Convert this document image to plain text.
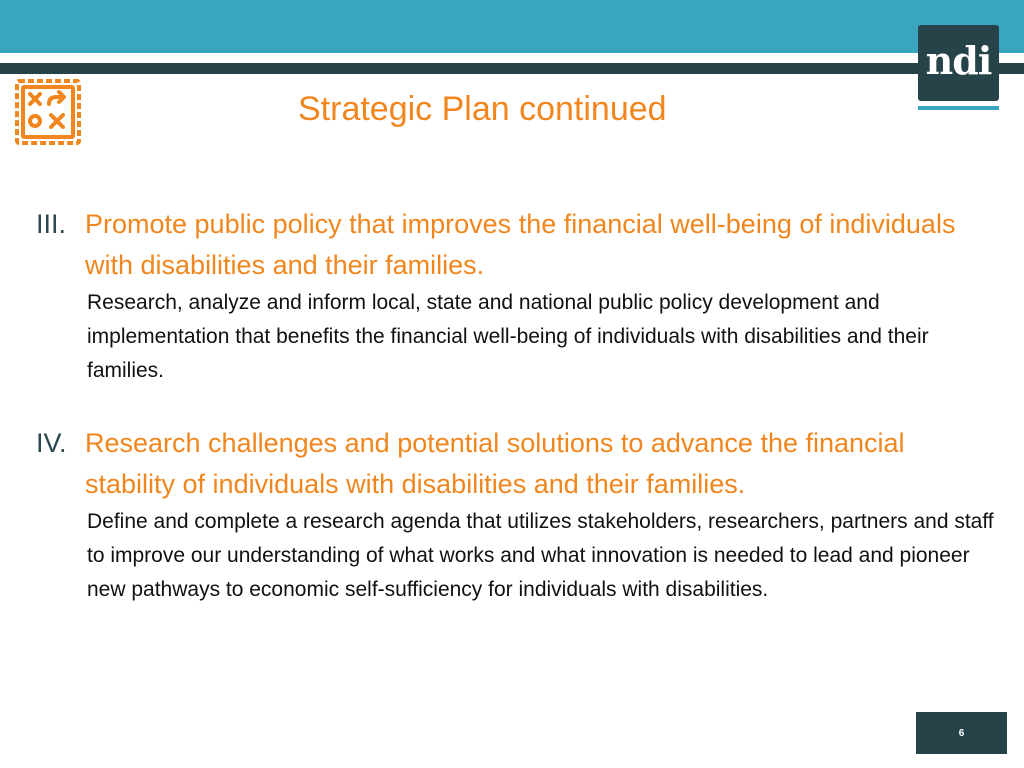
ndi
Strategic Plan continued
III. Promote public policy that improves the financial well-being of individuals with disabilities and their families.

Research, analyze and inform local, state and national public policy development and implementation that benefits the financial well-being of individuals with disabilities and their families.

IV. Research challenges and potential solutions to advance the financial stability of individuals with disabilities and their families.

Define and complete a research agenda that utilizes stakeholders, researchers, partners and staff to improve our understanding of what works and what innovation is needed to lead and pioneer new pathways to economic self-sufficiency for individuals with disabilities.

6
